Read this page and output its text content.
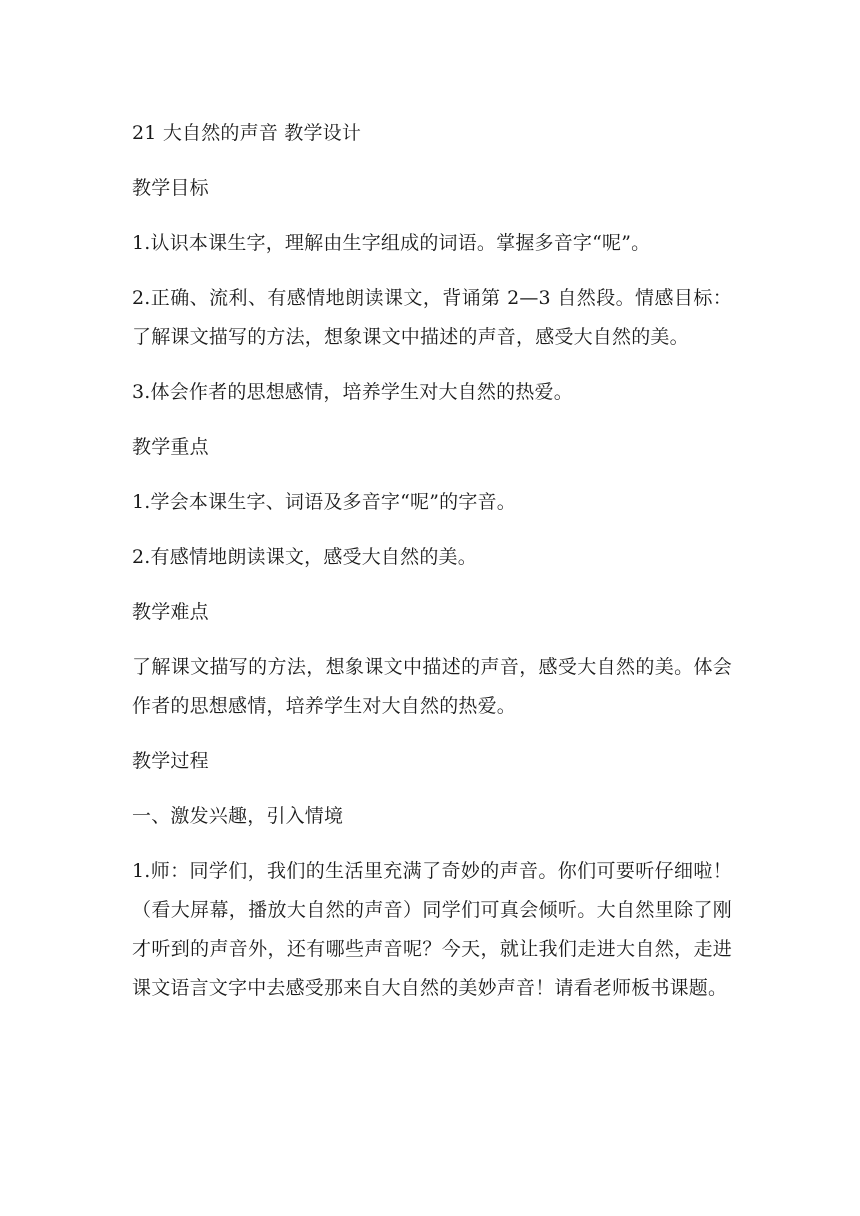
21 大自然的声音 教学设计

教学目标

1.认识本课生字，理解由生字组成的词语。掌握多音字“呢”。

2.正确、流利、有感情地朗读课文，背诵第 2—3 自然段。情感目标：了解课文描写的方法，想象课文中描述的声音，感受大自然的美。

3.体会作者的思想感情，培养学生对大自然的热爱。

教学重点

1.学会本课生字、词语及多音字“呢”的字音。

2.有感情地朗读课文，感受大自然的美。

教学难点

了解课文描写的方法，想象课文中描述的声音，感受大自然的美。体会作者的思想感情，培养学生对大自然的热爱。

教学过程

一、激发兴趣，引入情境

1.师：同学们，我们的生活里充满了奇妙的声音。你们可要听仔细啦！（看大屏幕，播放大自然的声音）同学们可真会倾听。大自然里除了刚才听到的声音外，还有哪些声音呢？今天，就让我们走进大自然，走进课文语言文字中去感受那来自大自然的美妙声音！请看老师板书课题。
